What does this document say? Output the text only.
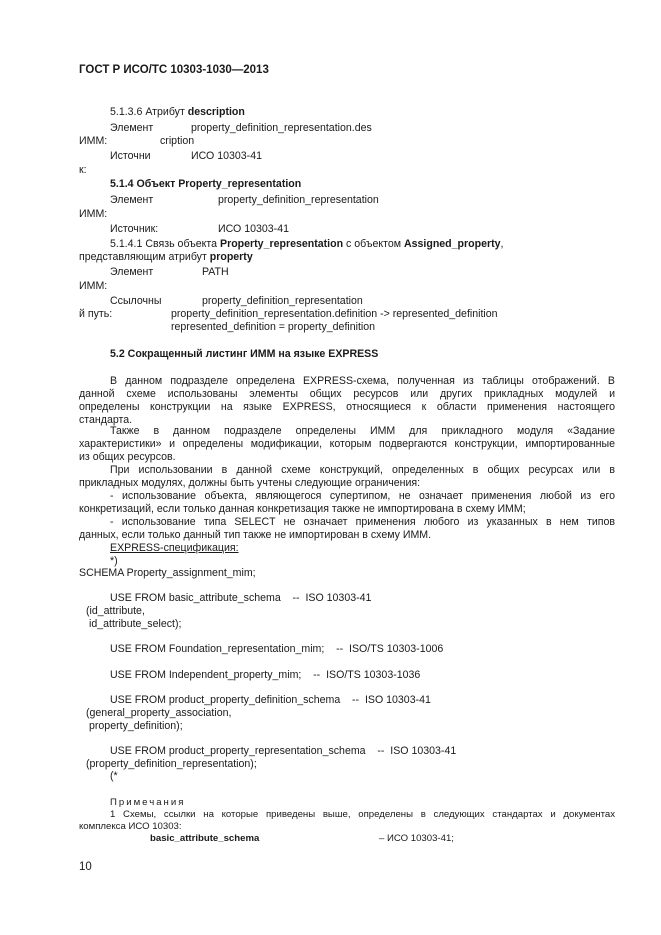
ГОСТ Р ИСО/ТС 10303-1030—2013
5.1.3.6 Атрибут description
Элемент	property_definition_representation.des
ИММ:	cription
Источни	ИСО 10303-41
к:
5.1.4 Объект Property_representation
Элемент	property_definition_representation
ИММ:
Источник:	ИСО 10303-41
5.1.4.1 Связь объекта Property_representation с объектом Assigned_property,
представляющим атрибут property
Элемент	PATH
ИММ:
Ссылочны	property_definition_representation
й путь:	property_definition_representation.definition -> represented_definition
represented_definition = property_definition
5.2 Сокращенный листинг ИММ на языке EXPRESS
В данном подразделе определена EXPRESS-схема, полученная из таблицы отображений. В
данной схеме использованы элементы общих ресурсов или других прикладных модулей и
определены конструкции на языке EXPRESS, относящиеся к области применения настоящего
стандарта.
Также в данном подразделе определены ИММ для прикладного модуля «Задание
характеристики» и определены модификации, которым подвергаются конструкции, импортированные
из общих ресурсов.
При использовании в данной схеме конструкций, определенных в общих ресурсах или в
прикладных модулях, должны быть учтены следующие ограничения:
- использование объекта, являющегося супертипом, не означает применения любой из его
конкретизаций, если только данная конкретизация также не импортирована в схему ИММ;
- использование типа SELECT не означает применения любого из указанных в нем типов
данных, если только данный тип также не импортирован в схему ИММ.
EXPRESS-спецификация:
*)
SCHEMA Property_assignment_mim;
USE FROM basic_attribute_schema    --  ISO 10303-41
(id_attribute,
id_attribute_select);
USE FROM Foundation_representation_mim;    --  ISO/TS 10303-1006
USE FROM Independent_property_mim;    --  ISO/TS 10303-1036
USE FROM product_property_definition_schema    --  ISO 10303-41
(general_property_association,
property_definition);
USE FROM product_property_representation_schema    --  ISO 10303-41
(property_definition_representation);
(*
Примечания
1 Схемы, ссылки на которые приведены выше, определены в следующих стандартах и документах
комплекса ИСО 10303:
basic_attribute_schema	– ИСО 10303-41;
10
